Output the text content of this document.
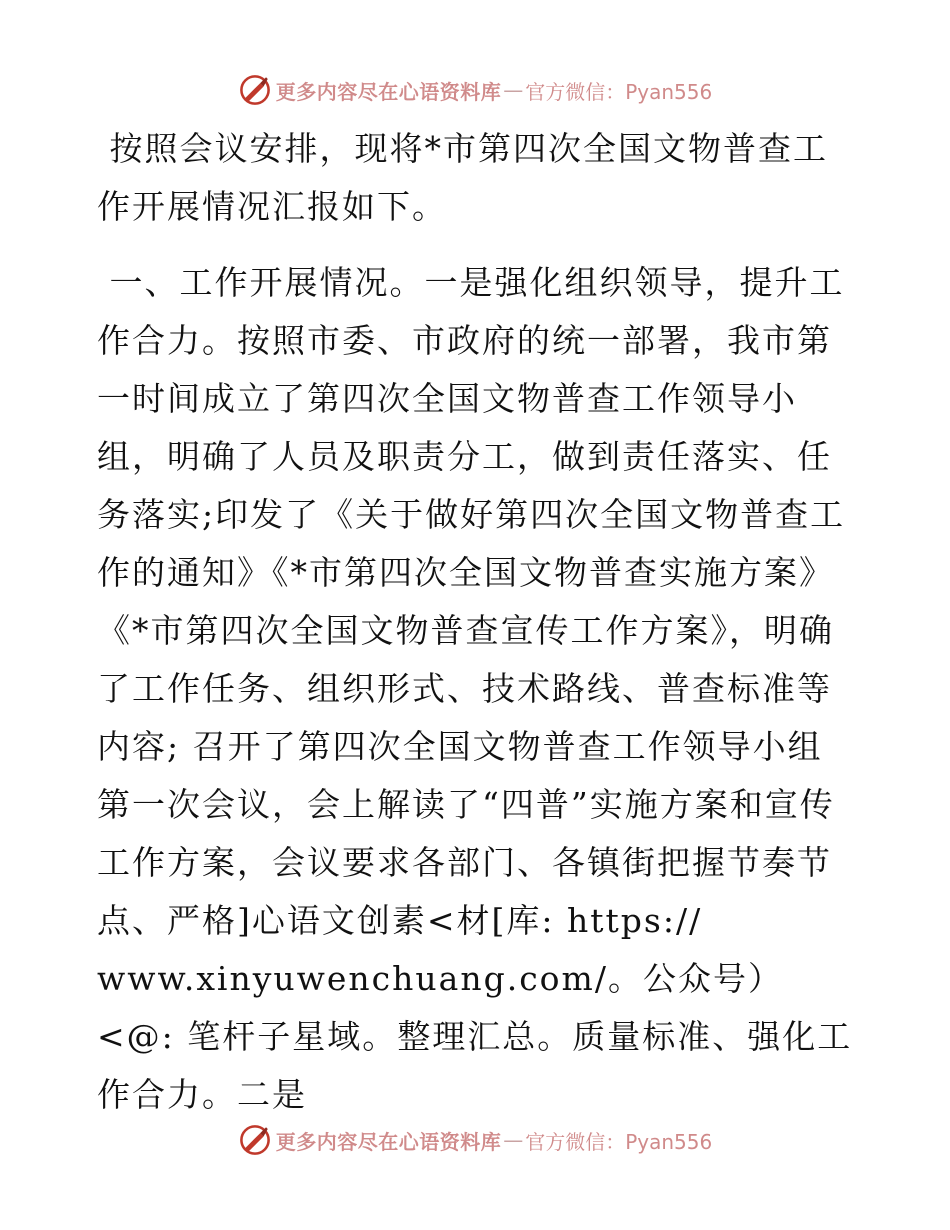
更多内容尽在心语资料库 — 官方微信：Pyan556

按照会议安排，现将*市第四次全国文物普查工作开展情况汇报如下。

一、工作开展情况。一是强化组织领导，提升工作合力。按照市委、市政府的统一部署，我市第一时间成立了第四次全国文物普查工作领导小组，明确了人员及职责分工，做到责任落实、任务落实;印发了《关于做好第四次全国文物普查工作的通知》《*市第四次全国文物普查实施方案》《*市第四次全国文物普查宣传工作方案》，明确了工作任务、组织形式、技术路线、普查标准等内容; 召开了第四次全国文物普查工作领导小组第一次会议，会上解读了“四普”实施方案和宣传工作方案，会议要求各部门、各镇街把握节奏节点、严格]心语文创素<材[库: https://
www.xinyuwenchuang.com/。公众号）<@: 笔杆子星域。整理汇总。质量标准、强化工作合力。二是

更多内容尽在心语资料库 — 官方微信：Pyan556
